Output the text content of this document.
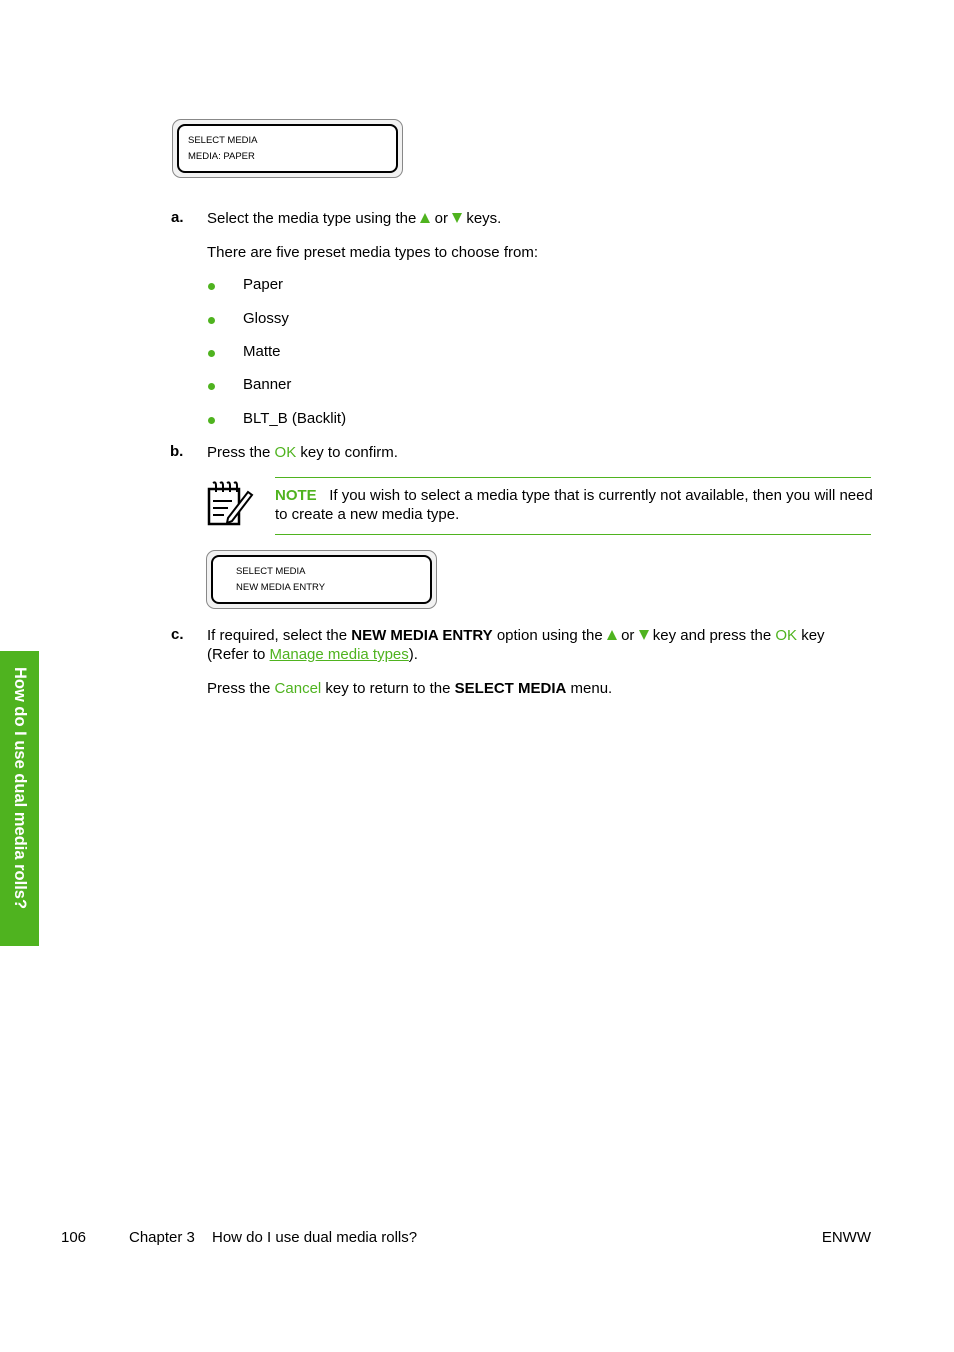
SELECT MEDIA
MEDIA: PAPER
a. Select the media type using the or keys.
There are five preset media types to choose from:
Paper
Glossy
Matte
Banner
BLT_B (Backlit)
b. Press the OK key to confirm.
NOTE If you wish to select a media type that is currently not available, then you will need to create a new media type.
SELECT MEDIA
NEW MEDIA ENTRY
c. If required, select the NEW MEDIA ENTRY option using the or key and press the OK key
(Refer to Manage media types).
Press the Cancel key to return to the SELECT MEDIA menu.
How do I use dual media rolls?
106	Chapter 3 How do I use dual media rolls?	ENWW
